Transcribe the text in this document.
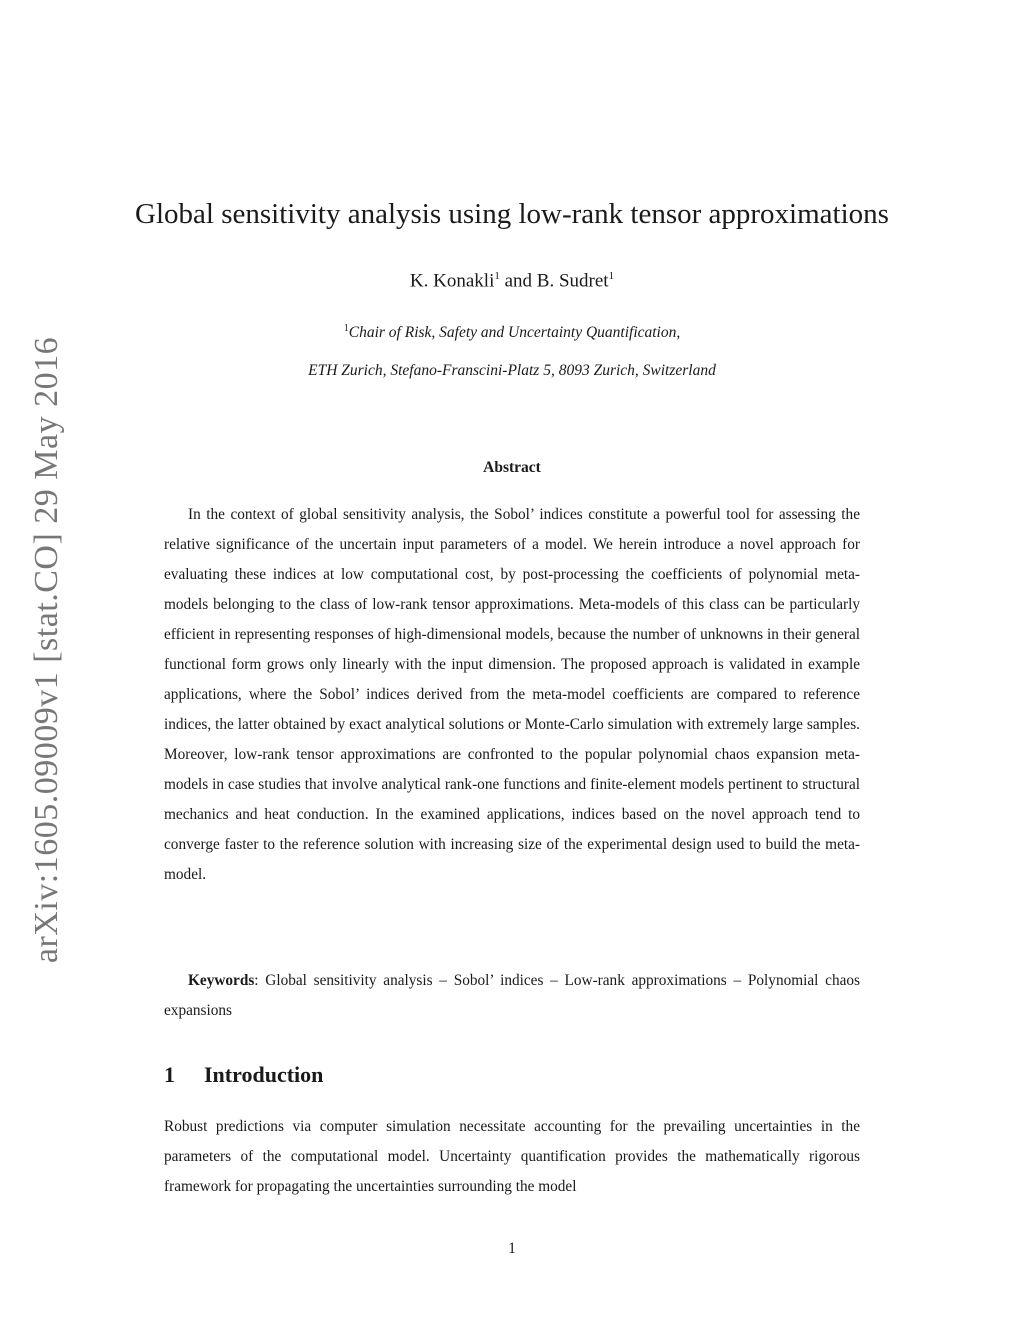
arXiv:1605.09009v1 [stat.CO] 29 May 2016
Global sensitivity analysis using low-rank tensor approximations
K. Konakli$^1$ and B. Sudret$^1$
$^1$Chair of Risk, Safety and Uncertainty Quantification,
ETH Zurich, Stefano-Franscini-Platz 5, 8093 Zurich, Switzerland
Abstract

In the context of global sensitivity analysis, the Sobol’ indices constitute a powerful tool for assessing the relative significance of the uncertain input parameters of a model. We herein introduce a novel approach for evaluating these indices at low computational cost, by post-processing the coefficients of polynomial meta-models belonging to the class of low-rank tensor approximations. Meta-models of this class can be particularly efficient in representing responses of high-dimensional models, because the number of unknowns in their general functional form grows only linearly with the input dimension. The proposed approach is validated in example applications, where the Sobol’ indices derived from the meta-model coefficients are compared to reference indices, the latter obtained by exact analytical solutions or Monte-Carlo simulation with extremely large samples. Moreover, low-rank tensor approximations are confronted to the popular polynomial chaos expansion meta-models in case studies that involve analytical rank-one functions and finite-element models pertinent to structural mechanics and heat conduction. In the examined applications, indices based on the novel approach tend to converge faster to the reference solution with increasing size of the experimental design used to build the meta-model.

Keywords: Global sensitivity analysis – Sobol’ indices – Low-rank approximations – Polynomial chaos expansions

1 Introduction

Robust predictions via computer simulation necessitate accounting for the prevailing uncertainties in the parameters of the computational model. Uncertainty quantification provides the mathematically rigorous framework for propagating the uncertainties surrounding the model

1
